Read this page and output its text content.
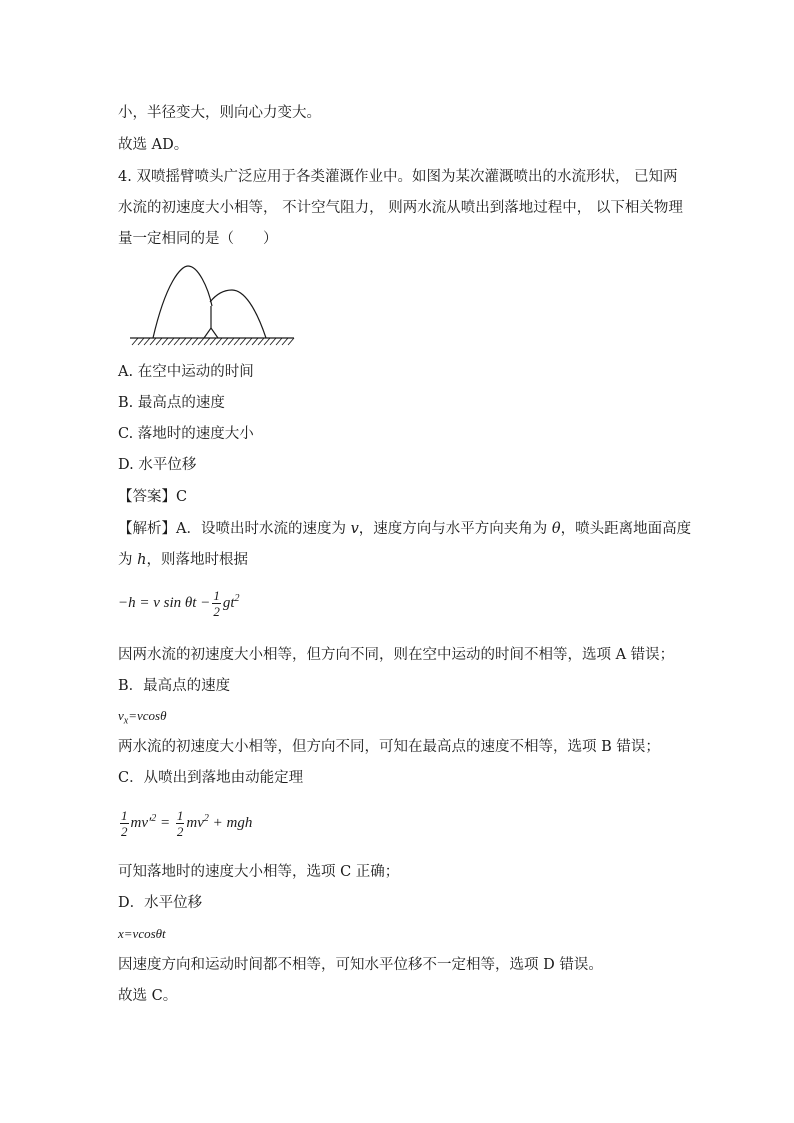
小，半径变大，则向心力变大。
故选 AD。
4. 双喷摇臂喷头广泛应用于各类灌溉作业中。如图为某次灌溉喷出的水流形状， 已知两
水流的初速度大小相等， 不计空气阻力， 则两水流从喷出到落地过程中， 以下相关物理
量一定相同的是（　　）
A. 在空中运动的时间
B. 最高点的速度
C. 落地时的速度大小
D. 水平位移
【答案】C
【解析】A．设喷出时水流的速度为 v，速度方向与水平方向夹角为 θ，喷头距离地面高度
为 h，则落地时根据
−h = v $\sin \theta t - \frac{1}{2} gt^2$
因两水流的初速度大小相等，但方向不同，则在空中运动的时间不相等，选项 A 错误；
B．最高点的速度
$v_x=vcos\theta$
两水流的初速度大小相等，但方向不同，可知在最高点的速度不相等，选项 B 错误；
C．从喷出到落地由动能定理
$\frac{1}{2} mv'^2 = \frac{1}{2} mv^2$ + mgh
可知落地时的速度大小相等，选项 C 正确；
D．水平位移
x=vcosθt
因速度方向和运动时间都不相等，可知水平位移不一定相等，选项 D 错误。
故选 C。
